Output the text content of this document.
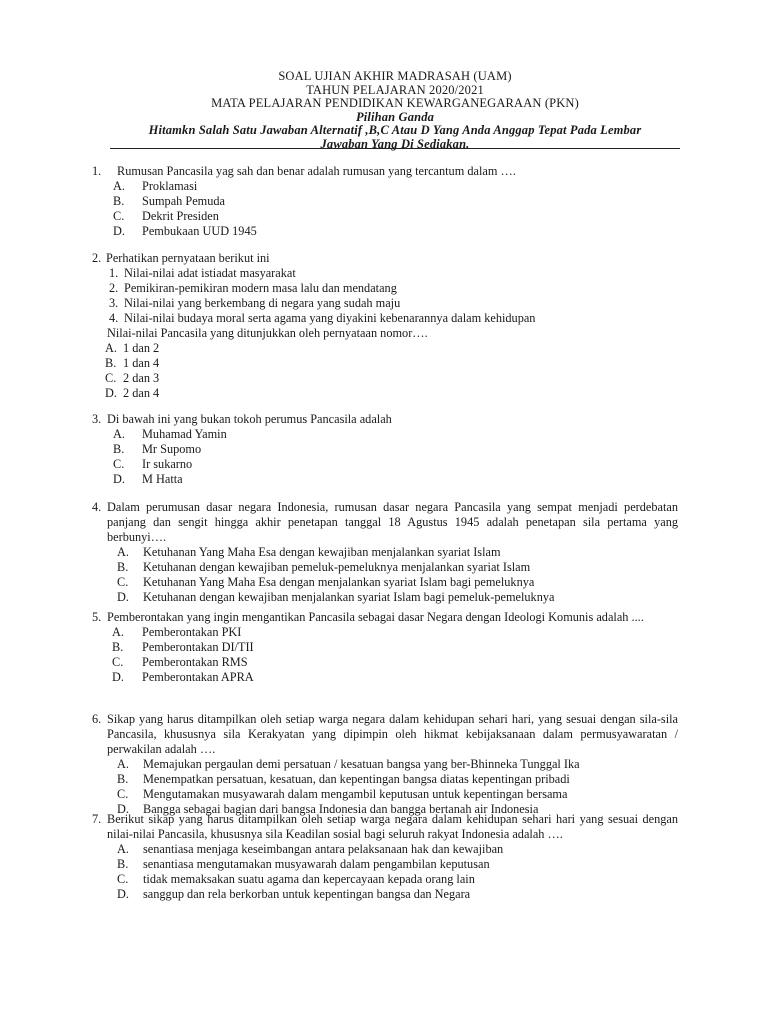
SOAL UJIAN AKHIR MADRASAH (UAM)
TAHUN PELAJARAN 2020/2021
MATA PELAJARAN PENDIDIKAN KEWARGANEGARAAN (PKN)
Pilihan Ganda
Hitamkn Salah Satu Jawaban Alternatif ,B,C Atau D Yang Anda Anggap Tepat Pada Lembar
Jawaban Yang Di Sediakan.
1.	Rumusan Pancasila yag sah dan benar adalah rumusan yang tercantum dalam ….
A.	Proklamasi
B.	Sumpah Pemuda
C.	Dekrit Presiden
D.	Pembukaan UUD 1945
2. Perhatikan pernyataan berikut ini
1. Nilai-nilai adat istiadat masyarakat
2. Pemikiran-pemikiran modern masa lalu dan mendatang
3. Nilai-nilai yang berkembang di negara yang sudah maju
4. Nilai-nilai budaya moral serta agama yang diyakini kebenarannya dalam kehidupan
Nilai-nilai Pancasila yang ditunjukkan oleh pernyataan nomor….
A. 1 dan 2
B. 1 dan 4
C. 2 dan 3
D. 2 dan 4
3. Di bawah ini yang bukan tokoh perumus Pancasila adalah
A.	Muhamad Yamin
B.	Mr Supomo
C.	Ir sukarno
D.	M Hatta
4. Dalam perumusan dasar negara Indonesia, rumusan dasar negara Pancasila yang sempat menjadi perdebatan panjang dan sengit hingga akhir penetapan tanggal 18 Agustus 1945 adalah penetapan sila pertama yang berbunyi….
A.	Ketuhanan Yang Maha Esa dengan kewajiban menjalankan syariat Islam
B.	Ketuhanan dengan kewajiban pemeluk-pemeluknya menjalankan syariat Islam
C.	Ketuhanan Yang Maha Esa dengan menjalankan syariat Islam bagi pemeluknya
D.	Ketuhanan dengan kewajiban menjalankan syariat Islam bagi pemeluk-pemeluknya
5. Pemberontakan yang ingin mengantikan Pancasila sebagai dasar Negara dengan Ideologi Komunis adalah ....
A.	Pemberontakan PKI
B.	Pemberontakan DI/TII
C.	Pemberontakan RMS
D.	Pemberontakan APRA
6. Sikap yang harus ditampilkan oleh setiap warga negara dalam kehidupan sehari hari, yang sesuai dengan sila-sila Pancasila, khususnya sila Kerakyatan yang dipimpin oleh hikmat kebijaksanaan dalam permusyawaratan / perwakilan adalah ….
A.	Memajukan pergaulan demi persatuan / kesatuan bangsa yang ber-Bhinneka Tunggal Ika
B.	Menempatkan persatuan, kesatuan, dan kepentingan bangsa diatas kepentingan pribadi
C.	Mengutamakan musyawarah dalam mengambil keputusan untuk kepentingan bersama
D.	Bangga sebagai bagian dari bangsa Indonesia dan bangga bertanah air Indonesia
7. Berikut sikap yang harus ditampilkan oleh setiap warga negara dalam kehidupan sehari hari yang sesuai dengan nilai-nilai Pancasila, khususnya sila Keadilan sosial bagi seluruh rakyat Indonesia adalah ….
A.	senantiasa menjaga keseimbangan antara pelaksanaan hak dan kewajiban
B.	senantiasa mengutamakan musyawarah dalam pengambilan keputusan
C.	tidak memaksakan suatu agama dan kepercayaan kepada orang lain
D.	sanggup dan rela berkorban untuk kepentingan bangsa dan Negara
